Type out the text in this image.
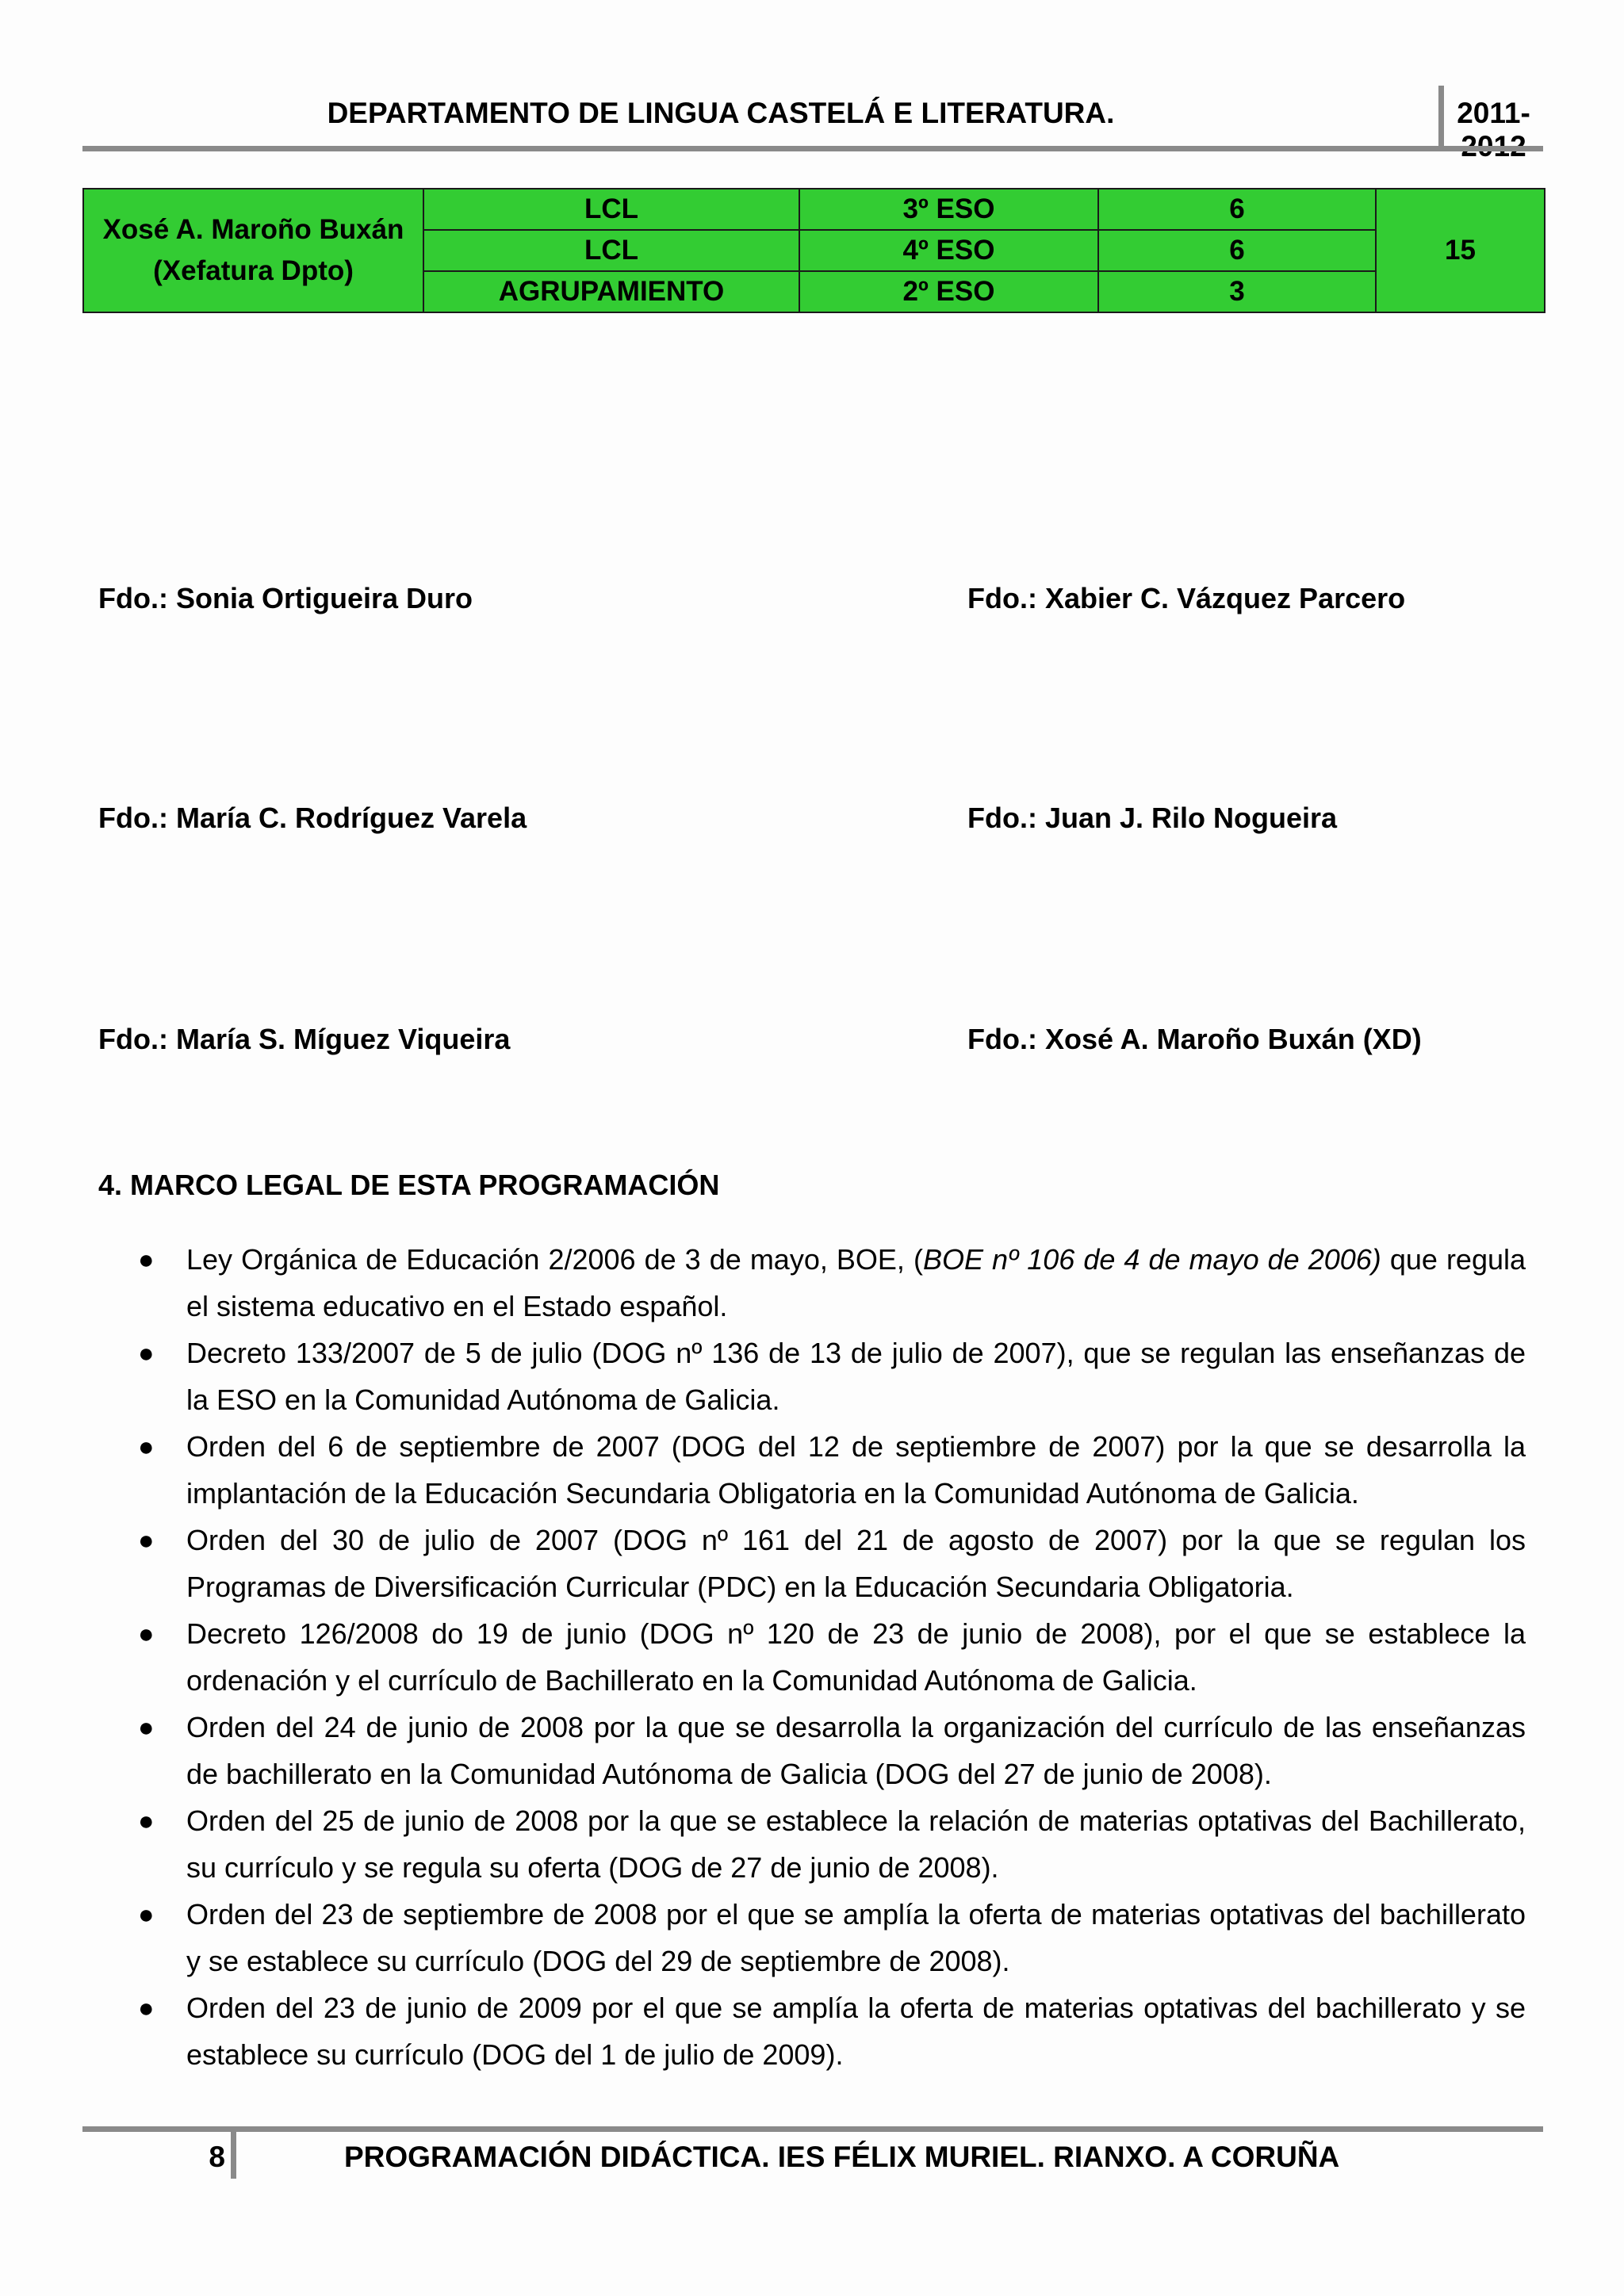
DEPARTAMENTO DE LINGUA CASTELÁ E LITERATURA.	2011-
Xosé A. Maroño Buxán
(Xefatura Dpto)	LCL	3º ESO	6	15
	LCL	4º ESO	6	
	AGRUPAMIENTO	2º ESO	3	
Fdo.: Sonia Ortigueira Duro	Fdo.: Xabier C. Vázquez Parcero
Fdo.: María C. Rodríguez Varela	Fdo.: Juan J. Rilo Nogueira
Fdo.: María S. Míguez Viqueira	Fdo.: Xosé A. Maroño Buxán (XD)
4. MARCO LEGAL DE ESTA PROGRAMACIÓN
● Ley Orgánica de Educación 2/2006 de 3 de mayo, BOE, (BOE nº 106 de 4 de mayo de 2006) que regula el sistema educativo en el Estado español.
● Decreto 133/2007 de 5 de julio (DOG nº 136 de 13 de julio de 2007), que se regulan las enseñanzas de la ESO en la Comunidad Autónoma de Galicia.
● Orden del 6 de septiembre de 2007 (DOG del 12 de septiembre de 2007) por la que se desarrolla la implantación de la Educación Secundaria Obligatoria en la Comunidad Autónoma de Galicia.
● Orden del 30 de julio de 2007 (DOG nº 161 del 21 de agosto de 2007) por la que se regulan los Programas de Diversificación Curricular (PDC) en la Educación Secundaria Obligatoria.
● Decreto 126/2008 do 19 de junio (DOG nº 120 de 23 de junio de 2008), por el que se establece la ordenación y el currículo de Bachillerato en la Comunidad Autónoma de Galicia.
● Orden del 24 de junio de 2008 por la que se desarrolla la organización del currículo de las enseñanzas de bachillerato en la Comunidad Autónoma de Galicia (DOG del 27 de junio de 2008).
● Orden del 25 de junio de 2008 por la que se establece la relación de materias optativas del Bachillerato, su currículo y se regula su oferta (DOG de 27 de junio de 2008).
● Orden del 23 de septiembre de 2008 por el que se amplía la oferta de materias optativas del bachillerato y se establece su currículo (DOG del 29 de septiembre de 2008).
● Orden del 23 de junio de 2009 por el que se amplía la oferta de materias optativas del bachillerato y se establece su currículo (DOG del 1 de julio de 2009).
8	PROGRAMACIÓN DIDÁCTICA. IES FÉLIX MURIEL. RIANXO. A CORUÑA
